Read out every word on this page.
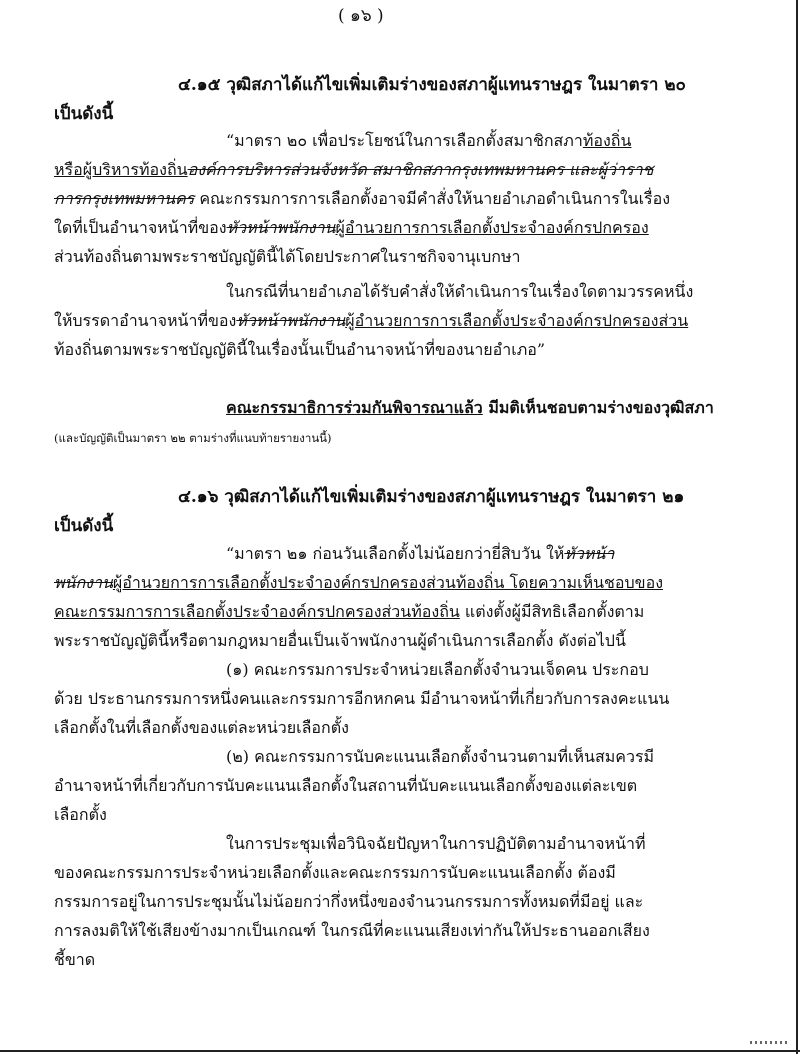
( ๑๖ )
๔.๑๕ วุฒิสภาได้แก้ไขเพิ่มเติมร่างของสภาผู้แทนราษฎร ในมาตรา ๒๐
เป็นดังนี้
“มาตรา ๒๐ เพื่อประโยชน์ในการเลือกตั้งสมาชิกสภาท้องถิ่น
หรือผู้บริหารท้องถิ่นองค์การบริหารส่วนจังหวัด สมาชิกสภากรุงเทพมหานคร และผู้ว่าราช
การกรุงเทพมหานคร คณะกรรมการการเลือกตั้งอาจมีคำสั่งให้นายอำเภอดำเนินการในเรื่อง
ใดที่เป็นอำนาจหน้าที่ของหัวหน้าพนักงานผู้อำนวยการการเลือกตั้งประจำองค์กรปกครอง
ส่วนท้องถิ่นตามพระราชบัญญัตินี้ได้โดยประกาศในราชกิจจานุเบกษา
ในกรณีที่นายอำเภอได้รับคำสั่งให้ดำเนินการในเรื่องใดตามวรรคหนึ่ง
ให้บรรดาอำนาจหน้าที่ของหัวหน้าพนักงานผู้อำนวยการการเลือกตั้งประจำองค์กรปกครองส่วน
ท้องถิ่นตามพระราชบัญญัตินี้ในเรื่องนั้นเป็นอำนาจหน้าที่ของนายอำเภอ”
คณะกรรมาธิการร่วมกันพิจารณาแล้ว มีมติเห็นชอบตามร่างของวุฒิสภา
(และบัญญัติเป็นมาตรา ๒๒ ตามร่างที่แนบท้ายรายงานนี้)
๔.๑๖ วุฒิสภาได้แก้ไขเพิ่มเติมร่างของสภาผู้แทนราษฎร ในมาตรา ๒๑
เป็นดังนี้
“มาตรา ๒๑ ก่อนวันเลือกตั้งไม่น้อยกว่ายี่สิบวัน ให้หัวหน้า
พนักงานผู้อำนวยการการเลือกตั้งประจำองค์กรปกครองส่วนท้องถิ่น โดยความเห็นชอบของ
คณะกรรมการการเลือกตั้งประจำองค์กรปกครองส่วนท้องถิ่น แต่งตั้งผู้มีสิทธิเลือกตั้งตาม
พระราชบัญญัตินี้หรือตามกฎหมายอื่นเป็นเจ้าพนักงานผู้ดำเนินการเลือกตั้ง ดังต่อไปนี้
(๑) คณะกรรมการประจำหน่วยเลือกตั้งจำนวนเจ็ดคน ประกอบ
ด้วย ประธานกรรมการหนึ่งคนและกรรมการอีกหกคน มีอำนาจหน้าที่เกี่ยวกับการลงคะแนน
เลือกตั้งในที่เลือกตั้งของแต่ละหน่วยเลือกตั้ง
(๒) คณะกรรมการนับคะแนนเลือกตั้งจำนวนตามที่เห็นสมควรมี
อำนาจหน้าที่เกี่ยวกับการนับคะแนนเลือกตั้งในสถานที่นับคะแนนเลือกตั้งของแต่ละเขต
เลือกตั้ง
ในการประชุมเพื่อวินิจฉัยปัญหาในการปฏิบัติตามอำนาจหน้าที่
ของคณะกรรมการประจำหน่วยเลือกตั้งและคณะกรรมการนับคะแนนเลือกตั้ง ต้องมี
กรรมการอยู่ในการประชุมนั้นไม่น้อยกว่ากึ่งหนึ่งของจำนวนกรรมการทั้งหมดที่มีอยู่ และ
การลงมติให้ใช้เสียงข้างมากเป็นเกณฑ์ ในกรณีที่คะแนนเสียงเท่ากันให้ประธานออกเสียง
ชี้ขาด
